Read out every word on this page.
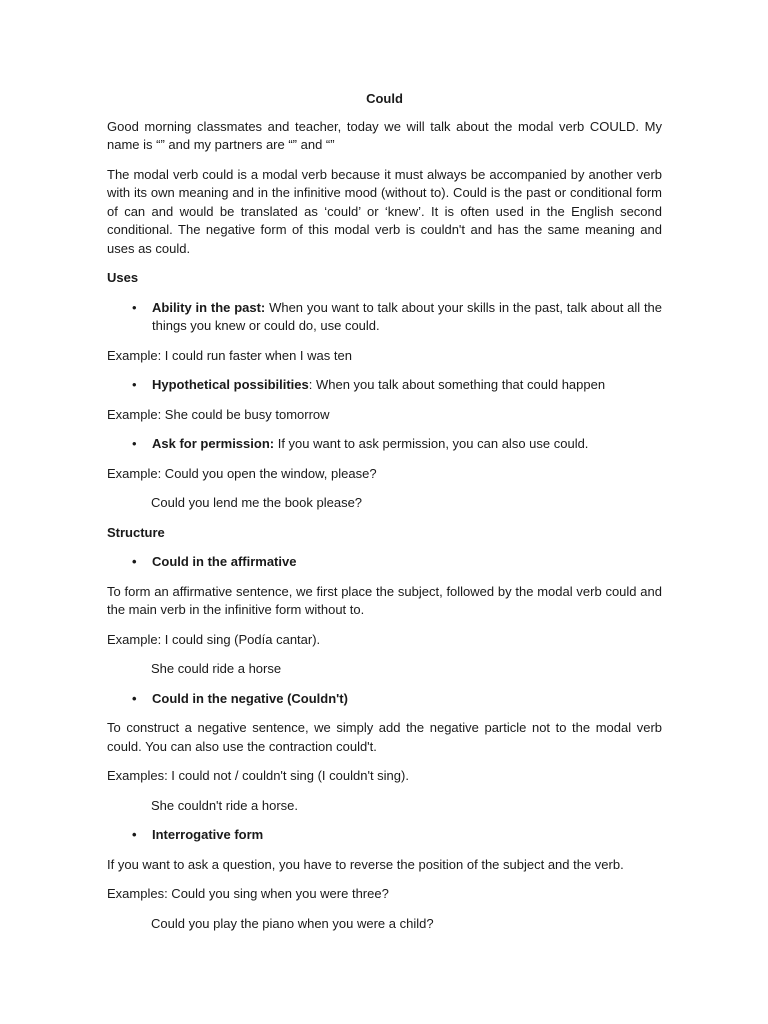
Could

Good morning classmates and teacher, today we will talk about the modal verb COULD. My name is “” and my partners are “” and “”

The modal verb could is a modal verb because it must always be accompanied by another verb with its own meaning and in the infinitive mood (without to). Could is the past or conditional form of can and would be translated as ‘could’ or ‘knew’. It is often used in the English second conditional. The negative form of this modal verb is couldn't and has the same meaning and uses as could.

Uses
• Ability in the past: When you want to talk about your skills in the past, talk about all the things you knew or could do, use could.

Example: I could run faster when I was ten

• Hypothetical possibilities: When you talk about something that could happen

Example: She could be busy tomorrow

• Ask for permission: If you want to ask permission, you can also use could.

Example: Could you open the window, please?

Could you lend me the book please?
Structure
• Could in the affirmative

To form an affirmative sentence, we first place the subject, followed by the modal verb could and the main verb in the infinitive form without to.

Example: I could sing (Podía cantar).

She could ride a horse
• Could in the negative (Couldn't)

To construct a negative sentence, we simply add the negative particle not to the modal verb could. You can also use the contraction could't.

Examples: I could not / couldn't sing (I couldn't sing).

She couldn't ride a horse.
• Interrogative form

If you want to ask a question, you have to reverse the position of the subject and the verb.

Examples: Could you sing when you were three?

Could you play the piano when you were a child?
